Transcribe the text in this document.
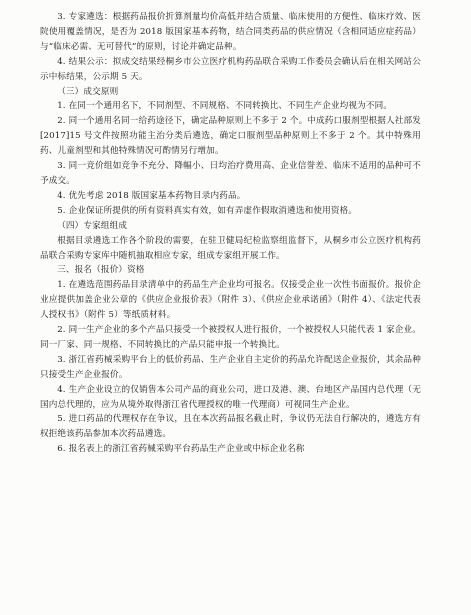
3. 专家遴选：根据药品报价折算剂量均价高低并结合质量、临床使用的方便性、临床疗效、医院使用覆盖情况，是否为 2018 版国家基本药物，结合同类药品的供应情况（含相同适应症药品）与“临床必需、无可替代”的原则，讨论并确定品种。

4. 结果公示：拟成交结果经桐乡市公立医疗机构药品联合采购工作委员会确认后在相关网站公示中标结果，公示期 5 天。

（三）成交原则

1. 在同一个通用名下，不同剂型、不同规格、不同转换比、不同生产企业均视为不同。

2. 同一个通用名同一给药途径下，确定品种原则上不多于 2 个。中成药口服剂型根据人社部发 [2017]15 号文件按照功能主治分类后遴选，确定口服剂型品种原则上不多于 2 个。其中特殊用药、儿童剂型和其他特殊情况可酌情另行增加。

3. 同一竞价组如竞争不充分、降幅小、日均治疗费用高、企业信誉差、临床不适用的品种可不予成交。

4. 优先考虑 2018 版国家基本药物目录内药品。

5. 企业保证所提供的所有资料真实有效，如有弄虚作假取消遴选和使用资格。

（四）专家组组成

根据目录遴选工作各个阶段的需要，在驻卫健局纪检监察组监督下，从桐乡市公立医疗机构药品联合采购专家库中随机抽取相应专家，组成专家组开展工作。

三、报名（报价）资格

1. 在遴选范围药品目录清单中的药品生产企业均可报名。仅接受企业一次性书面报价。报价企业应提供加盖企业公章的《供应企业报价表》（附件 3）、《供应企业承诺函》（附件 4）、《法定代表人授权书》（附件 5）等纸质材料。

2. 同一生产企业的多个产品只接受一个被授权人进行报价，一个被授权人只能代表 1 家企业。同一厂家、同一规格、不同转换比的产品只能申报一个转换比。

3. 浙江省药械采购平台上的低价药品、生产企业自主定价的药品允许配送企业报价，其余品种只接受生产企业报价。

4. 生产企业设立的仅销售本公司产品的商业公司，进口及港、澳、台地区产品国内总代理（无国内总代理的，应为从境外取得浙江省代理授权的唯一代理商）可视同生产企业。

5. 进口药品的代理权存在争议，且在本次药品报名截止时，争议仍无法自行解决的，遴选方有权拒绝该药品参加本次药品遴选。

6. 报名表上的浙江省药械采购平台药品生产企业或中标企业名称
